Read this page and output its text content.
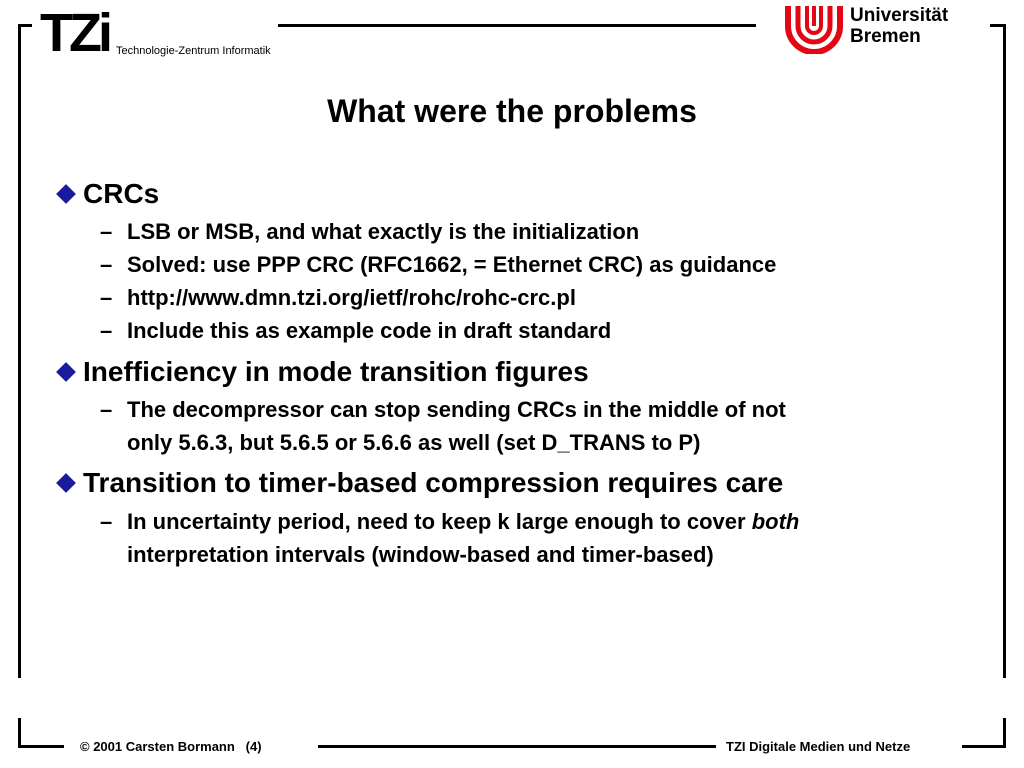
TZi Technologie-Zentrum Informatik
Universität
Bremen
What were the problems
CRCs
– LSB or MSB, and what exactly is the initialization
– Solved: use PPP CRC (RFC1662, = Ethernet CRC) as guidance
– http://www.dmn.tzi.org/ietf/rohc/rohc-crc.pl
– Include this as example code in draft standard
Inefficiency in mode transition figures
– The decompressor can stop sending CRCs in the middle of not
only 5.6.3, but 5.6.5 or 5.6.6 as well (set D_TRANS to P)
Transition to timer-based compression requires care
– In uncertainty period, need to keep k large enough to cover both
interpretation intervals (window-based and timer-based)
© 2001 Carsten Bormann   (4)	TZI Digitale Medien und Netze
